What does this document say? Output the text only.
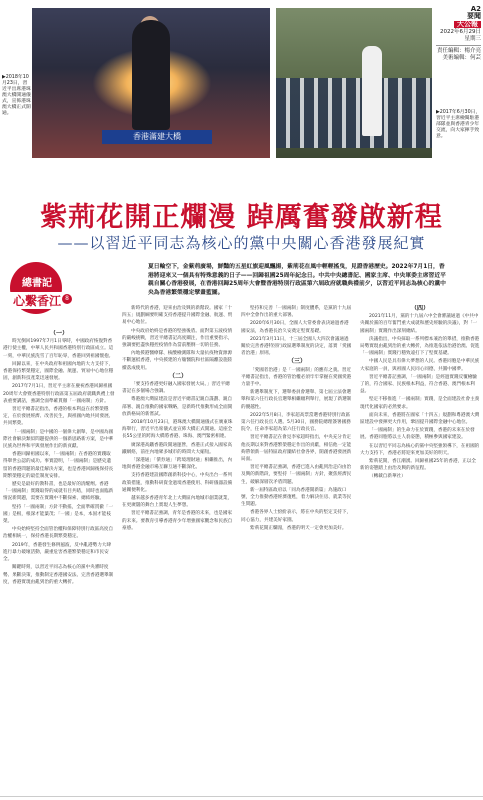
香港滿建大橋
▶2018年10月23日，習近平出席港珠澳大橋開通儀式，宣佈港珠澳大橋正式開通。	▶2017年6月30日，習近平主席檢閱駐港部隊並與香港青少年交流，向大家揮手致意。
A2
要聞
大公報
2022年6月29日
星期三
責任編輯：楊介亮
美術編輯：何芸
紫荊花開正爛漫 踔厲奮發啟新程
——以習近平同志為核心的黨中央關心香港發展紀實
總書記
心繫香江 8
夏日輪空下，金紫荊廣場，鮮豔的五星紅旗迎風飄揚，紫荊花在風中輕輕搖曳，見證香港歷史。2022年7月1日，香港將迎來又一個具有特殊意義的日子——回歸祖國25周年紀念日。中共中央總書記、國家主席、中央軍委主席習近平親自關心香港發展，在香港回歸25周年大會暨香港特別行政區第六屆政府就職典禮前夕，以習近平同志為核心的黨中央為香港繁榮穩定擘畫藍圖。

（一）

時光倒回1997年7月1日零時，中國政府恢復對香港行使主權，中華人民共和國香港特別行政區成立。這一刻，中華民族洗雪了百年恥辱，香港回到祖國懷抱。

回歸以來，在中央政府和祖國內地的大力支持下，香港保持繁榮穩定，國際金融、航運、貿易中心地位穩固，創新科技產業迅速發展。

2017年7月1日，習近平主席在慶祝香港回歸祖國20周年大會暨香港特別行政區第五屆政府就職典禮上發表重要講話，強調全面準確貫徹「一國兩制」方針。

習近平總書記指出，香港的根本利益在於繁榮穩定，在於發展經濟、改善民生，與祖國內地共同發展、共同繁榮。

「一國兩制」是中國的一個偉大創舉，是中國為國際社會解決類似問題提供的一個新思路新方案，是中華民族為世界和平與發展作出的新貢獻。

香港回歸祖國以來，「一國兩制」在香港的實踐取得舉世公認的成功。事實證明，「一國兩制」是歷史遺留的香港問題的最佳解決方案，也是香港回歸後保持長期繁榮穩定的最佳制度安排。

歷史是最好的教科書，也是最好的清醒劑。香港「一國兩制」實踐取得的成就有目共睹，同時也面臨新情況新問題，需要在實踐中不斷探索、總結經驗。

堅持「一國兩制」方針不動搖，全面準確貫徹「一國」是根，根深才能葉茂；「一國」是本，本固才能枝榮。

中央始終堅持全面管治權和保障特別行政區高度自治權相統一，保持香港長期繁榮穩定。

2019年，香港發生修例風波，反中亂港勢力大肆進行暴力破壞活動，嚴重危害香港繁榮穩定和市民安全。

關鍵時刻，以習近平同志為核心的黨中央審時度勢、果斷決策，推動制定香港國安法、完善香港選舉制度，香港實現由亂到治的重大轉折。

新時代的香港，迎來由治及興的新階段。國家「十四五」規劃綱要明確支持香港提升國際金融、航運、貿易中心地位。

中央政府始終是香港的堅強後盾。面對第五波疫情的嚴峻挑戰，習近平總書記高度關注，作出重要指示，強調要把盡快穩控疫情作為當前壓倒一切的任務。

內地援港醫療隊、核酸檢測隊和大量抗疫物資源源不斷運抵香港，中央援建的方艙醫院和社區隔離設施陸續落成使用。

（二）

「要支持香港更好融入國家發展大局。」習近平總書記在多個場合強調。

粵港澳大灣區建設是習近平總書記親自謀劃、親自部署、親自推動的國家戰略，是新時代推動形成全面開放新格局的新嘗試。

2018年10月23日，港珠澳大橋開通儀式在廣東珠海舉行，習近平出席儀式並宣佈大橋正式開通。這座全長55公里的跨海大橋將香港、珠海、澳門緊密相連。

廣深港高鐵香港段開通運營，香港正式接入國家高鐵網絡，前往內地眾多城市的時間大大縮短。

「深港通」「債券通」「跨境理財通」相繼推出，內地與香港金融市場互聯互通不斷深化。

支持香港建設國際創新科技中心，中央出台一系列政策措施，推動科研資金過境香港使用、科研儀器設備通關便利化。

越來越多香港青年北上大灣區內地城市創業就業，在更廣闊的舞台上實現人生夢想。

習近平總書記強調，青年是香港的未來，也是國家的未來。要教育引導香港青少年增強國家觀念和民族自豪感。

堅持和完善「一國兩制」制度體系，是黨的十九屆四中全會作出的重大部署。

2020年6月30日，全國人大常委會表決通過香港國安法，為香港長治久安奠定堅實基礎。

2021年3月11日，十三屆全國人大四次會議通過關於完善香港特別行政區選舉制度的決定，落實「愛國者治港」原則。

（三）

「愛國者治港」是「一國兩制」的應有之義。習近平總書記指出，香港的管治權必須牢牢掌握在愛國愛港力量手中。

新選舉制度下，選舉委員會選舉、第七屆立法會選舉和第六任行政長官選舉相繼順利舉行，展現了新選制的優越性。

2022年5月8日，李家超高票當選香港特別行政區第六任行政長官人選。5月30日，國務院總理簽署國務院令，任命李家超為第六任行政長官。

習近平總書記在會見李家超時指出，中央充分肯定他長期以來對香港繁榮穩定作出的貢獻，相信他一定能夠帶領新一屆特區政府團結社會各界，開創香港發展新局面。

習近平總書記強調，香港已進入由亂到治走向由治及興的新階段，要堅持「一國兩制」方針，聚焦經濟民生，破解深層次矛盾問題。

新一屆特區政府以「同為香港開新篇」為施政口號，全力推動香港經濟復甦，着力解決住房、就業等民生問題。

香港各界人士紛紛表示，將在中央的堅定支持下，同心協力，共建美好家園。

紫荊花開正爛漫，香港的明天一定會更加美好。

（四）

2021年11月，黨的十九屆六中全會審議通過《中共中央關於黨的百年奮鬥重大成就和歷史經驗的決議》，對「一國兩制」實踐作出深刻總結。

決議指出，中央採取一系列標本兼治的舉措，推動香港局勢實現由亂到治的重大轉折，為推進依法治港治澳、促進「一國兩制」實踐行穩致遠打下了堅實基礎。

中國人民是具有偉大夢想的人民。香港同胞是中華民族大家庭的一員，與祖國人民同心同德，共圓中國夢。

習近平總書記強調，「一國兩制」是經過實踐反覆檢驗了的，符合國家、民族根本利益，符合香港、澳門根本利益。

堅定不移推進「一國兩制」實踐，是全面建設社會主義現代化國家的必然要求。

面向未來，香港將在國家「十四五」規劃和粵港澳大灣區建設中發揮更大作用，鞏固提升國際金融中心地位。

「一國兩制」的生命力在於實踐，香港的未來在於發展。香港同胞將以主人翁姿態，積極參與國家建設。

在以習近平同志為核心的黨中央堅強領導下，在祖國的大力支持下，香港必將迎來更加美好的明天。

紫荊花開，香江潮湧。回歸祖國25年的香港，正以全新的姿態踏上由治及興的新征程。

（轉載自新華社）
